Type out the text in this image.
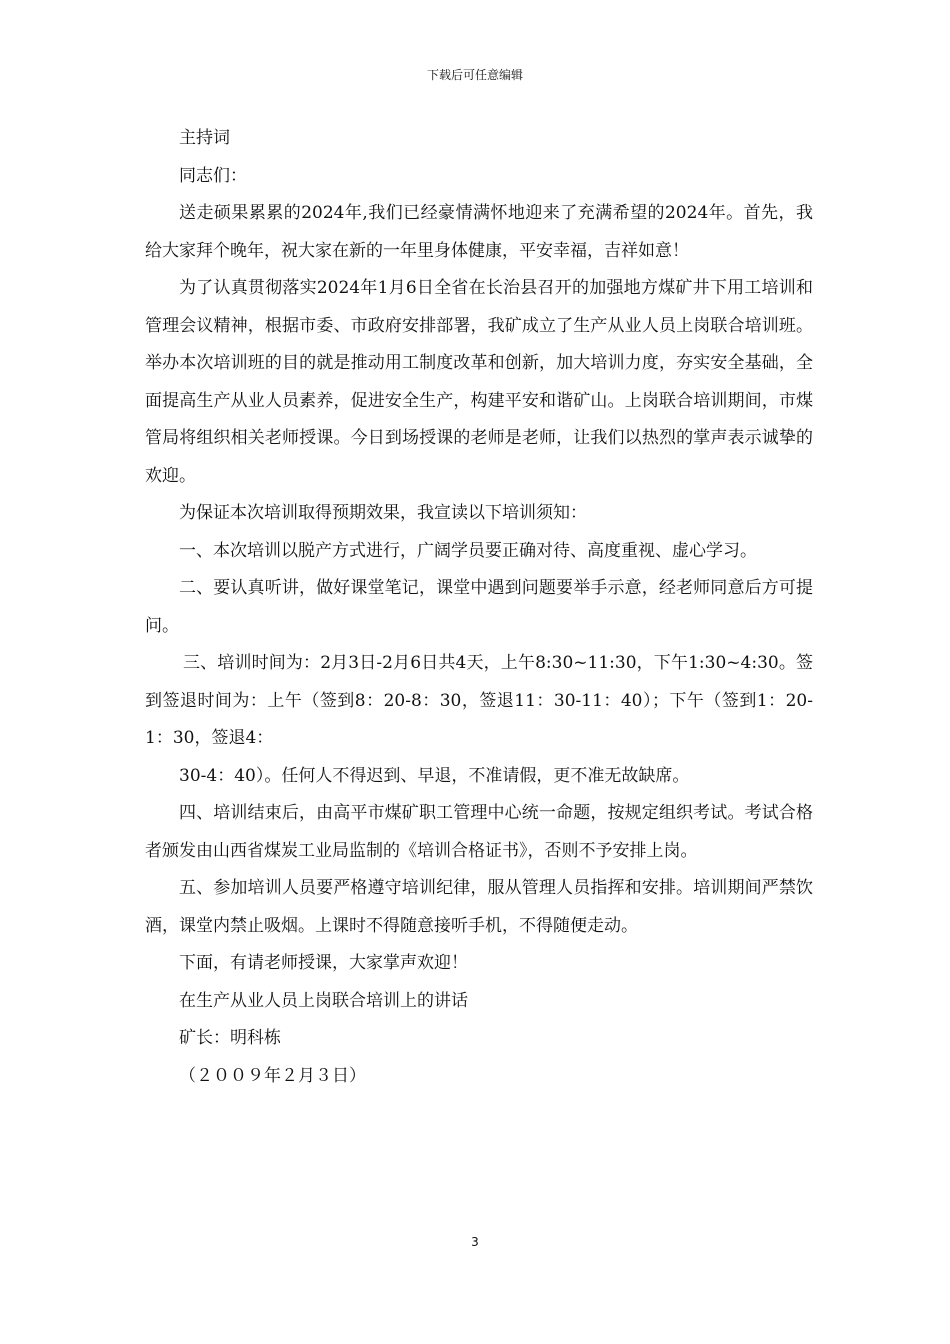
下载后可任意编辑

主持词

同志们：

送走硕果累累的2024年,我们已经豪情满怀地迎来了充满希望的2024年。首先，我给大家拜个晚年，祝大家在新的一年里身体健康，平安幸福，吉祥如意！

为了认真贯彻落实2024年1月6日全省在长治县召开的加强地方煤矿井下用工培训和管理会议精神，根据市委、市政府安排部署，我矿成立了生产从业人员上岗联合培训班。举办本次培训班的目的就是推动用工制度改革和创新，加大培训力度，夯实安全基础，全面提高生产从业人员素养，促进安全生产，构建平安和谐矿山。上岗联合培训期间，市煤管局将组织相关老师授课。今日到场授课的老师是老师，让我们以热烈的掌声表示诚挚的欢迎。

为保证本次培训取得预期效果，我宣读以下培训须知：

一、本次培训以脱产方式进行，广阔学员要正确对待、高度重视、虚心学习。

二、要认真听讲，做好课堂笔记，课堂中遇到问题要举手示意，经老师同意后方可提问。

三、培训时间为：2月3日-2月6日共4天，上午8:30~11:30，下午1:30~4:30。签到签退时间为：上午（签到8：20-8：30，签退11：30-11：40）；下午（签到1：20-1：30，签退4：

30-4：40）。任何人不得迟到、早退，不准请假，更不准无故缺席。

四、培训结束后，由高平市煤矿职工管理中心统一命题，按规定组织考试。考试合格者颁发由山西省煤炭工业局监制的《培训合格证书》，否则不予安排上岗。

五、参加培训人员要严格遵守培训纪律，服从管理人员指挥和安排。培训期间严禁饮酒，课堂内禁止吸烟。上课时不得随意接听手机，不得随便走动。

下面，有请老师授课，大家掌声欢迎！

在生产从业人员上岗联合培训上的讲话

矿长：明科栋

（２００９年２月３日）

3
